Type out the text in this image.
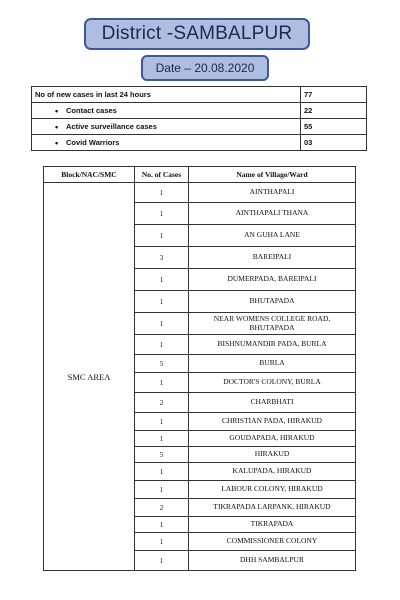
District -SAMBALPUR
Date – 20.08.2020
No of new cases in last 24 hours	77
• Contact cases	22
• Active surveillance cases	55
• Covid Warriors	03
Block/NAC/SMC	No. of Cases	Name of Village/Ward
SMC AREA	1	AINTHAPALI
	1	AINTHAPALI THANA
	1	AN GUHA LANE
	3	BAREIPALI
	1	DUMERPADA, BAREIPALI
	1	BHUTAPADA
	1	NEAR WOMENS COLLEGE ROAD, BHUTAPADA
	1	BISHNUMANDIR PADA, BURLA
	5	BURLA
	1	DOCTOR'S COLONY, BURLA
	2	CHARBHATI
	1	CHRISTIAN PADA, HIRAKUD
	1	GOUDAPADA, HIRAKUD
	5	HIRAKUD
	1	KALUPADA, HIRAKUD
	1	LABOUR COLONY, HIRAKUD
	2	TIKRAPADA LARPANK, HIRAKUD
	1	TIKRAPADA
	1	COMMISSIONER COLONY
	1	DHH SAMBALPUR
